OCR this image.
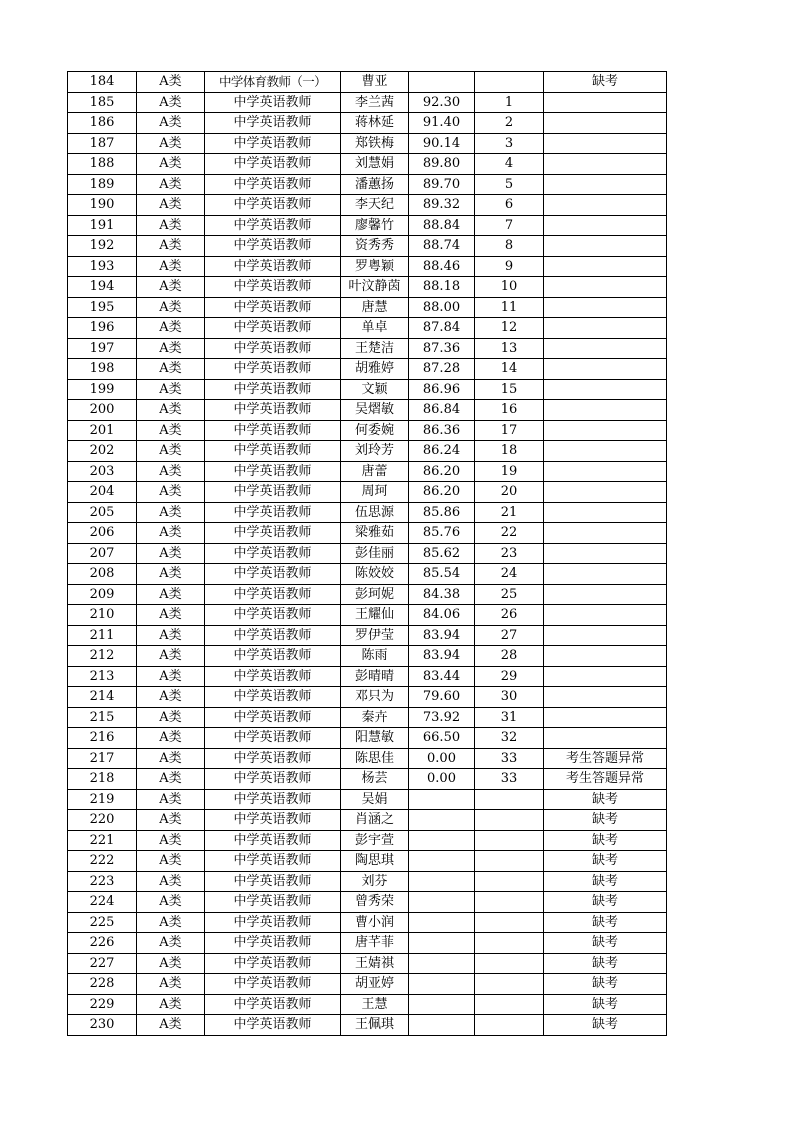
184	A类	中学体育教师（一）	曹亚			缺考
185	A类	中学英语教师	李兰茜	92.30	1	
186	A类	中学英语教师	蒋林延	91.40	2	
187	A类	中学英语教师	郑铁梅	90.14	3	
188	A类	中学英语教师	刘慧娟	89.80	4	
189	A类	中学英语教师	潘蕙扬	89.70	5	
190	A类	中学英语教师	李天纪	89.32	6	
191	A类	中学英语教师	廖馨竹	88.84	7	
192	A类	中学英语教师	资秀秀	88.74	8	
193	A类	中学英语教师	罗粤颖	88.46	9	
194	A类	中学英语教师	叶汶静茵	88.18	10	
195	A类	中学英语教师	唐慧	88.00	11	
196	A类	中学英语教师	单卓	87.84	12	
197	A类	中学英语教师	王楚洁	87.36	13	
198	A类	中学英语教师	胡雅婷	87.28	14	
199	A类	中学英语教师	文颖	86.96	15	
200	A类	中学英语教师	吴熠敏	86.84	16	
201	A类	中学英语教师	何委婉	86.36	17	
202	A类	中学英语教师	刘玲芳	86.24	18	
203	A类	中学英语教师	唐蕾	86.20	19	
204	A类	中学英语教师	周珂	86.20	20	
205	A类	中学英语教师	伍思源	85.86	21	
206	A类	中学英语教师	梁雅茹	85.76	22	
207	A类	中学英语教师	彭佳丽	85.62	23	
208	A类	中学英语教师	陈姣姣	85.54	24	
209	A类	中学英语教师	彭珂妮	84.38	25	
210	A类	中学英语教师	王耀仙	84.06	26	
211	A类	中学英语教师	罗伊莹	83.94	27	
212	A类	中学英语教师	陈雨	83.94	28	
213	A类	中学英语教师	彭晴晴	83.44	29	
214	A类	中学英语教师	邓只为	79.60	30	
215	A类	中学英语教师	秦卉	73.92	31	
216	A类	中学英语教师	阳慧敏	66.50	32	
217	A类	中学英语教师	陈思佳	0.00	33	考生答题异常
218	A类	中学英语教师	杨芸	0.00	33	考生答题异常
219	A类	中学英语教师	吴娟			缺考
220	A类	中学英语教师	肖涵之			缺考
221	A类	中学英语教师	彭宇萱			缺考
222	A类	中学英语教师	陶思琪			缺考
223	A类	中学英语教师	刘芬			缺考
224	A类	中学英语教师	曾秀荣			缺考
225	A类	中学英语教师	曹小润			缺考
226	A类	中学英语教师	唐芊菲			缺考
227	A类	中学英语教师	王婧祺			缺考
228	A类	中学英语教师	胡亚婷			缺考
229	A类	中学英语教师	王慧			缺考
230	A类	中学英语教师	王佩琪			缺考
